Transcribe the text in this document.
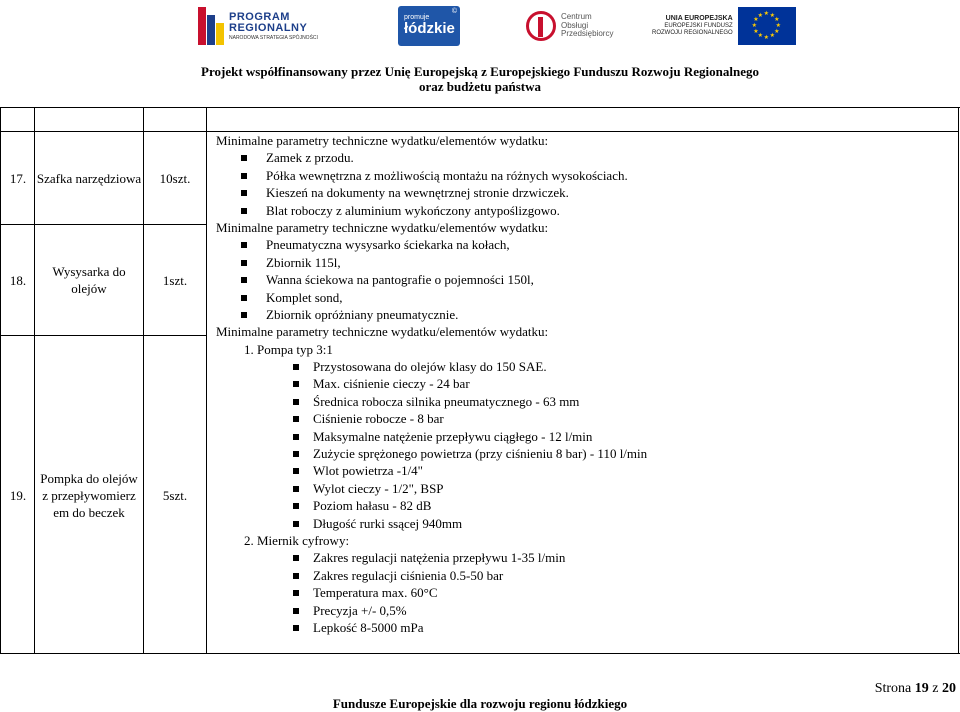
PROGRAM
REGIONALNY
NARODOWA STRATEGIA SPÓJNOŚCI
promuje
łódzkie
©
Centrum
Obsługi
Przedsiębiorcy
UNIA EUROPEJSKA
EUROPEJSKI FUNDUSZ
ROZWOJU REGIONALNEGO
★ ★
★
★
★
★
★
★
★
★
★
★
Projekt współfinansowany przez Unię Europejską z Europejskiego Funduszu Rozwoju Regionalnego
oraz budżetu państwa
17. Szafka narzędziowa	10szt.
18.
Wysysarka do olejów
1szt.
19.
Pompka do olejów z przepływomierz em do beczek
5szt.
Minimalne parametry techniczne wydatku/elementów wydatku:
Zamek z przodu.
Półka wewnętrzna z możliwością montażu na różnych wysokościach.
Kieszeń na dokumenty na wewnętrznej stronie drzwiczek.
Blat roboczy z aluminium wykończony antypoślizgowo.
Minimalne parametry techniczne wydatku/elementów wydatku:
Pneumatyczna wysysarko ściekarka na kołach,
Zbiornik 115l,
Wanna ściekowa na pantografie o pojemności 150l,
Komplet sond,
Zbiornik opróżniany pneumatycznie.
Minimalne parametry techniczne wydatku/elementów wydatku:
1. Pompa typ 3:1
Przystosowana do olejów klasy do 150 SAE.
Max. ciśnienie cieczy - 24 bar
Średnica robocza silnika pneumatycznego - 63 mm
Ciśnienie robocze - 8 bar
Maksymalne natężenie przepływu ciągłego - 12 l/min
Zużycie sprężonego powietrza (przy ciśnieniu 8 bar) - 110 l/min
Wlot powietrza -1/4"
Wylot cieczy - 1/2", BSP
Poziom hałasu - 82 dB
Długość rurki ssącej 940mm
2. Miernik cyfrowy:
Zakres regulacji natężenia przepływu 1-35 l/min
Zakres regulacji ciśnienia 0.5-50 bar
Temperatura max. 60°C
Precyzja +/- 0,5%
Lepkość 8-5000 mPa
Strona 19 z 20
Fundusze Europejskie dla rozwoju regionu łódzkiego
